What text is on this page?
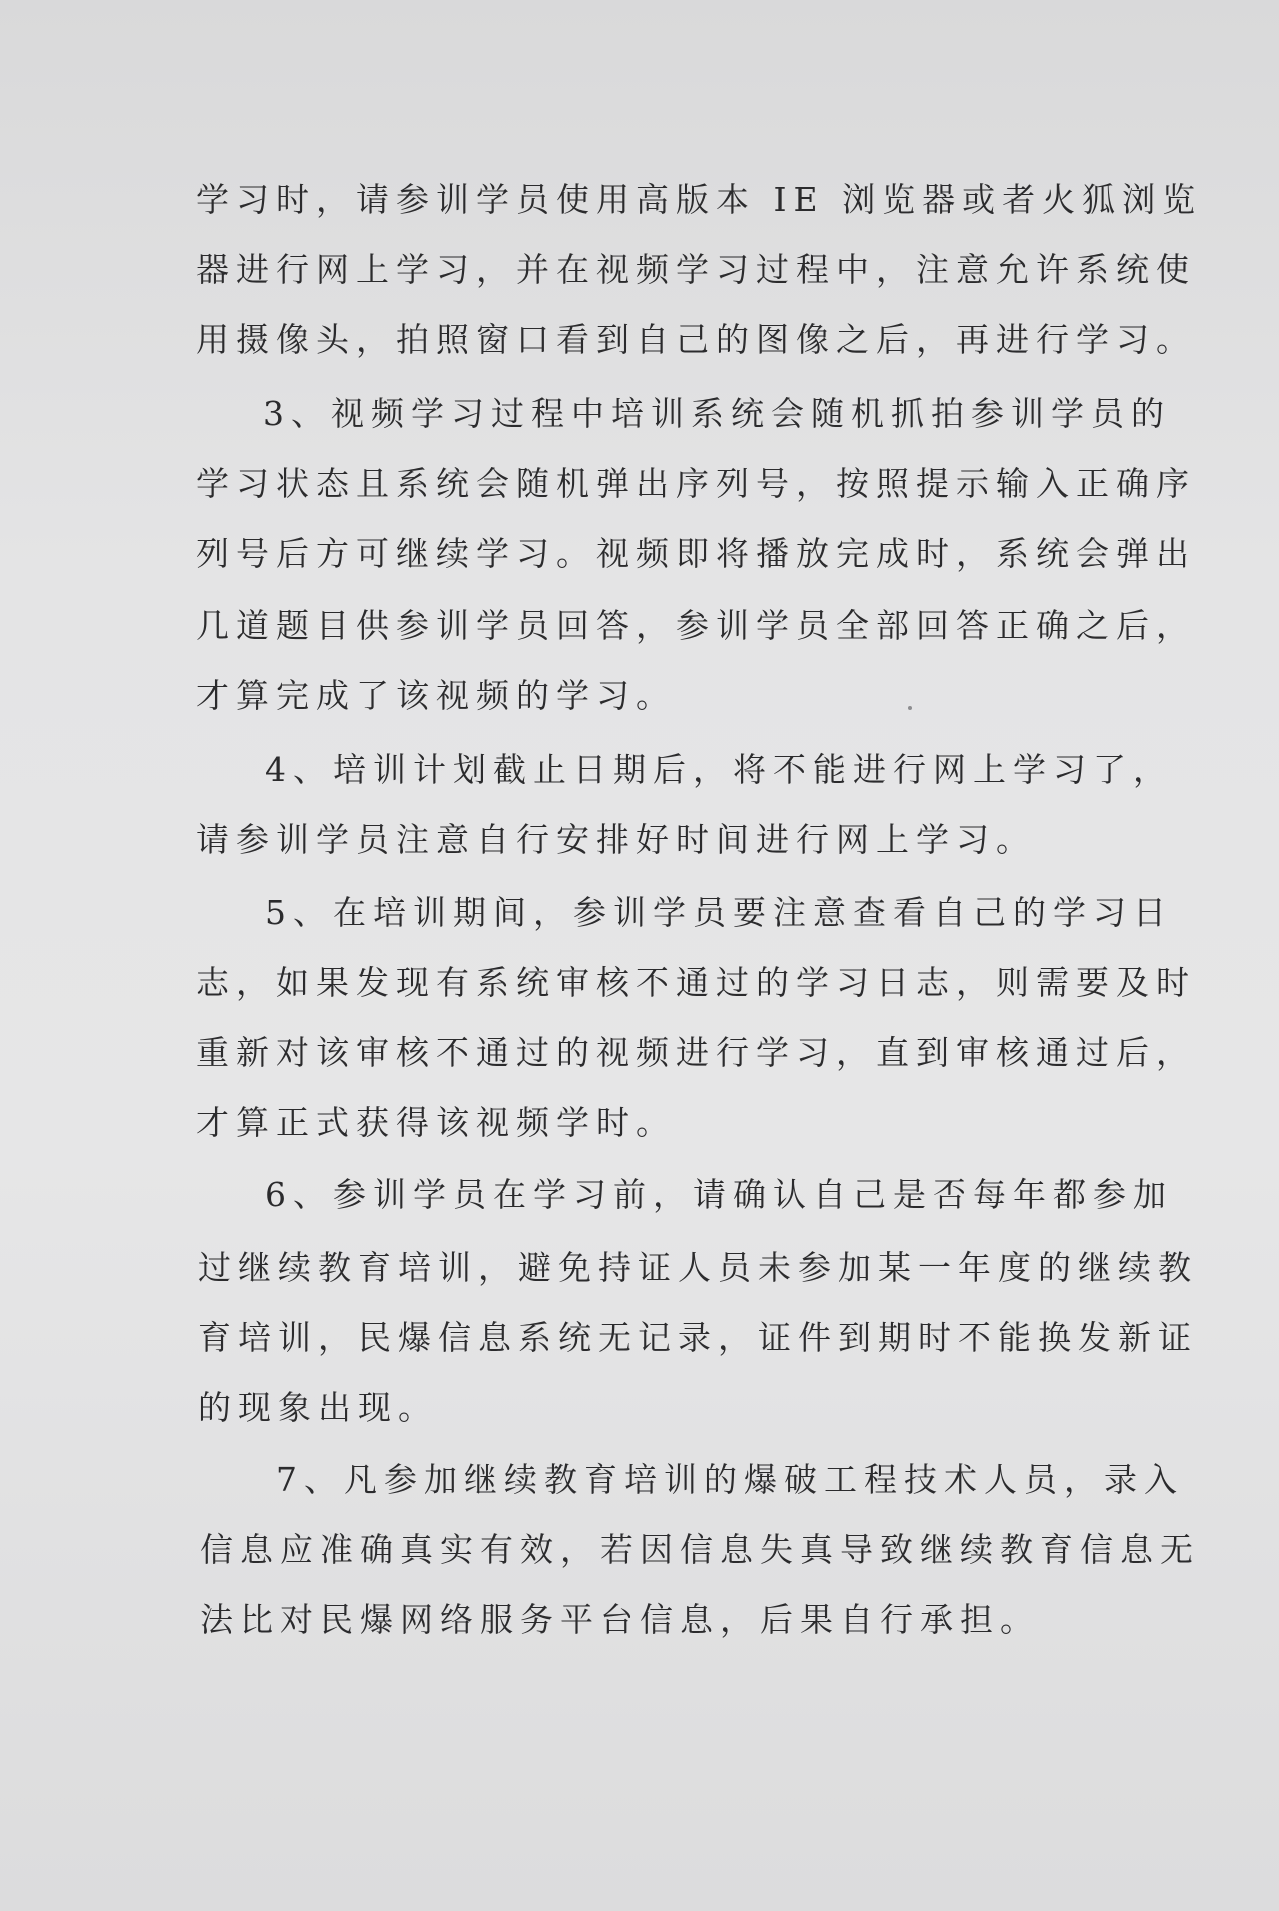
学习时，请参训学员使用高版本 IE 浏览器或者火狐浏览
器进行网上学习，并在视频学习过程中，注意允许系统使
用摄像头，拍照窗口看到自己的图像之后，再进行学习。
3、视频学习过程中培训系统会随机抓拍参训学员的
学习状态且系统会随机弹出序列号，按照提示输入正确序
列号后方可继续学习。视频即将播放完成时，系统会弹出
几道题目供参训学员回答，参训学员全部回答正确之后，
才算完成了该视频的学习。
4、培训计划截止日期后，将不能进行网上学习了，
请参训学员注意自行安排好时间进行网上学习。
5、在培训期间，参训学员要注意查看自己的学习日
志，如果发现有系统审核不通过的学习日志，则需要及时
重新对该审核不通过的视频进行学习，直到审核通过后，
才算正式获得该视频学时。
6、参训学员在学习前，请确认自己是否每年都参加
过继续教育培训，避免持证人员未参加某一年度的继续教
育培训，民爆信息系统无记录，证件到期时不能换发新证
的现象出现。
7、凡参加继续教育培训的爆破工程技术人员，录入
信息应准确真实有效，若因信息失真导致继续教育信息无
法比对民爆网络服务平台信息，后果自行承担。
